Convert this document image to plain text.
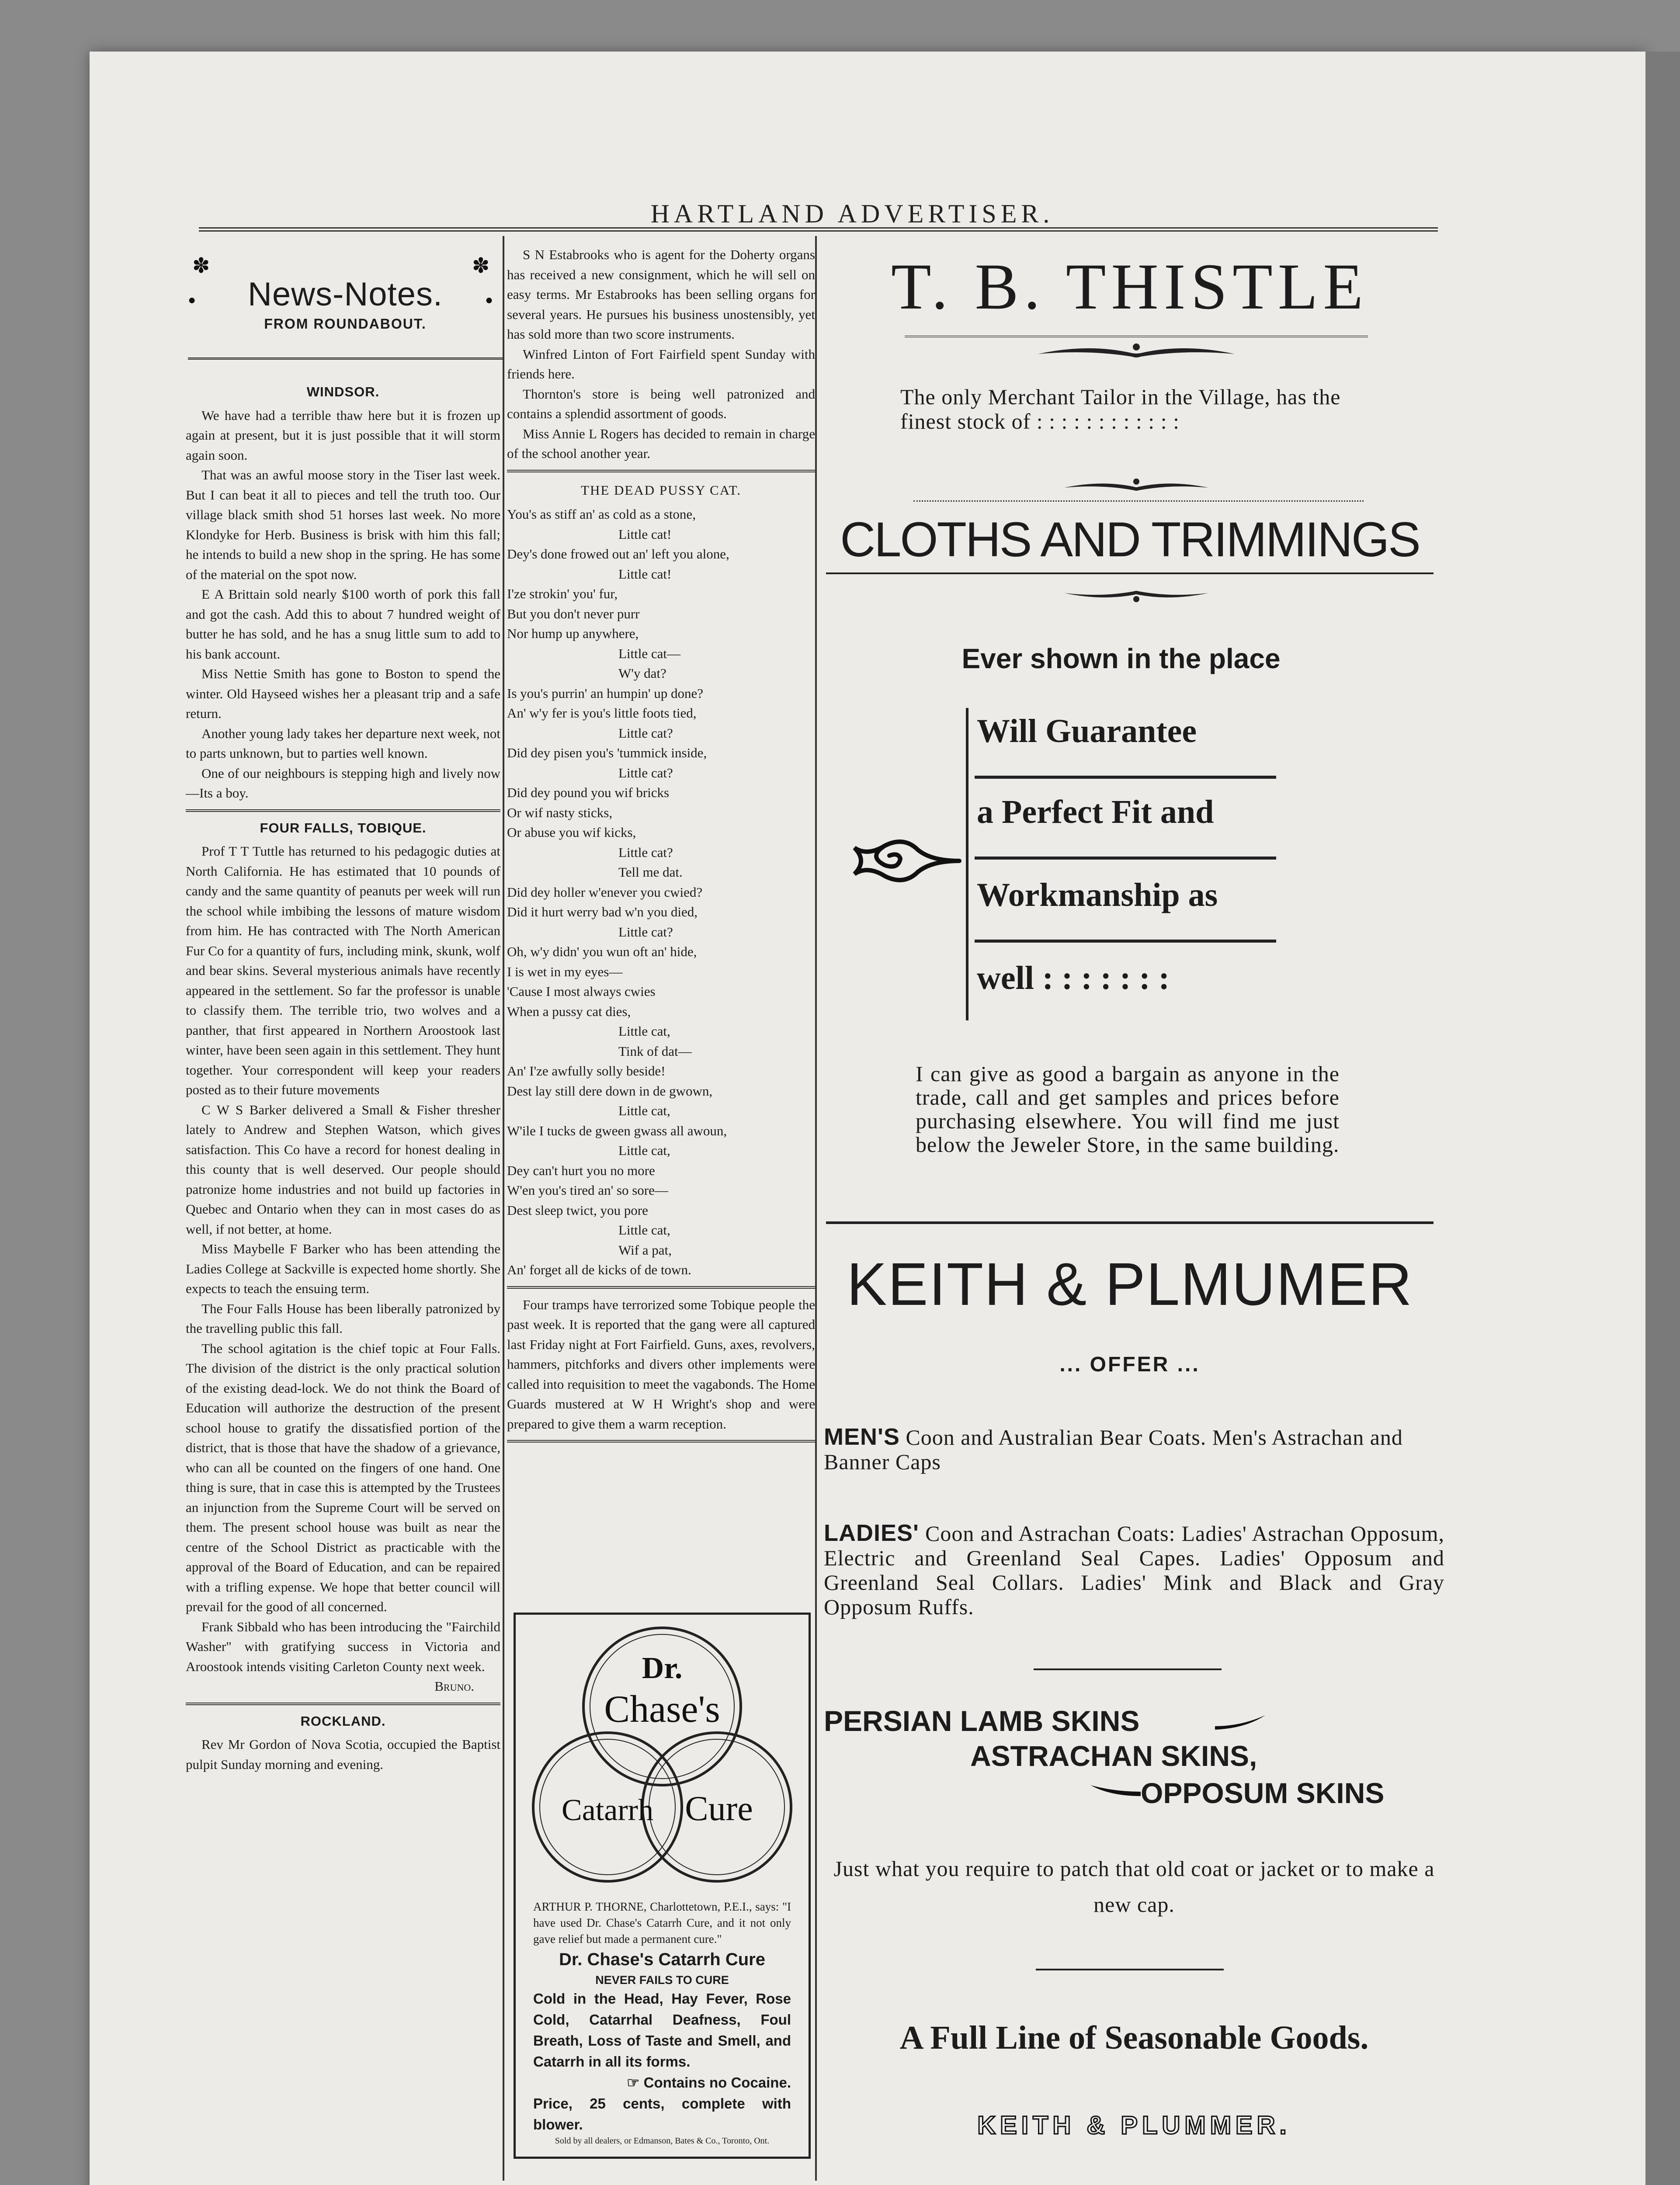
HARTLAND ADVERTISER.
✽	✽
●	●
News-Notes.
FROM ROUNDABOUT.
WINDSOR.

We have had a terrible thaw here but it is frozen up again at present, but it is just possible that it will storm again soon.

That was an awful moose story in the Tiser last week. But I can beat it all to pieces and tell the truth too. Our village black smith shod 51 horses last week. No more Klondyke for Herb. Business is brisk with him this fall; he intends to build a new shop in the spring. He has some of the material on the spot now.

E A Brittain sold nearly $100 worth of pork this fall and got the cash. Add this to about 7 hundred weight of butter he has sold, and he has a snug little sum to add to his bank account.

Miss Nettie Smith has gone to Boston to spend the winter. Old Hayseed wishes her a pleasant trip and a safe return.

Another young lady takes her departure next week, not to parts unknown, but to parties well known.

One of our neighbours is stepping high and lively now—Its a boy.

FOUR FALLS, TOBIQUE.

Prof T T Tuttle has returned to his pedagogic duties at North California. He has estimated that 10 pounds of candy and the same quantity of peanuts per week will run the school while imbibing the lessons of mature wisdom from him. He has contracted with The North American Fur Co for a quantity of furs, including mink, skunk, wolf and bear skins. Several mysterious animals have recently appeared in the settlement. So far the professor is unable to classify them. The terrible trio, two wolves and a panther, that first appeared in Northern Aroostook last winter, have been seen again in this settlement. They hunt together. Your correspondent will keep your readers posted as to their future movements

C W S Barker delivered a Small & Fisher thresher lately to Andrew and Stephen Watson, which gives satisfaction. This Co have a record for honest dealing in this county that is well deserved. Our people should patronize home industries and not build up factories in Quebec and Ontario when they can in most cases do as well, if not better, at home.

Miss Maybelle F Barker who has been attending the Ladies College at Sackville is expected home shortly. She expects to teach the ensuing term.

The Four Falls House has been liberally patronized by the travelling public this fall.

The school agitation is the chief topic at Four Falls. The division of the district is the only practical solution of the existing dead-lock. We do not think the Board of Education will authorize the destruction of the present school house to gratify the dissatisfied portion of the district, that is those that have the shadow of a grievance, who can all be counted on the fingers of one hand. One thing is sure, that in case this is attempted by the Trustees an injunction from the Supreme Court will be served on them. The present school house was built as near the centre of the School District as practicable with the approval of the Board of Education, and can be repaired with a trifling expense. We hope that better council will prevail for the good of all concerned.

Frank Sibbald who has been introducing the "Fairchild Washer" with gratifying success in Victoria and Aroostook intends visiting Carleton County next week.

Bruno.

ROCKLAND.

Rev Mr Gordon of Nova Scotia, occupied the Baptist pulpit Sunday morning and evening.

S N Estabrooks who is agent for the Doherty organs has received a new consignment, which he will sell on easy terms. Mr Estabrooks has been selling organs for several years. He pursues his business unostensibly, yet has sold more than two score instruments.

Winfred Linton of Fort Fairfield spent Sunday with friends here.

Thornton's store is being well patronized and contains a splendid assortment of goods.

Miss Annie L Rogers has decided to remain in charge of the school another year.

THE DEAD PUSSY CAT.
You's as stiff an' as cold as a stone,
Little cat!
Dey's done frowed out an' left you alone,
Little cat!
I'ze strokin' you' fur,
But you don't never purr
Nor hump up anywhere,
Little cat—
W'y dat?
Is you's purrin' an humpin' up done?
An' w'y fer is you's little foots tied,
Little cat?
Did dey pisen you's 'tummick inside,
Little cat?
Did dey pound you wif bricks
Or wif nasty sticks,
Or abuse you wif kicks,
Little cat?
Tell me dat.
Did dey holler w'enever you cwied?
Did it hurt werry bad w'n you died,
Little cat?
Oh, w'y didn' you wun oft an' hide,
I is wet in my eyes—
'Cause I most always cwies
When a pussy cat dies,
Little cat,
Tink of dat—
An' I'ze awfully solly beside!
Dest lay still dere down in de gwown,
Little cat,
W'ile I tucks de gween gwass all awoun,
Little cat,
Dey can't hurt you no more
W'en you's tired an' so sore—
Dest sleep twict, you pore
Little cat,
Wif a pat,
An' forget all de kicks of de town.

Four tramps have terrorized some Tobique people the past week. It is reported that the gang were all captured last Friday night at Fort Fairfield. Guns, axes, revolvers, hammers, pitchforks and divers other implements were called into requisition to meet the vagabonds. The Home Guards mustered at W H Wright's shop and were prepared to give them a warm reception.

Dr.
Chase's
Catarrh Cure
ARTHUR P. THORNE, Charlottetown, P.E.I., says: "I have used Dr. Chase's Catarrh Cure, and it not only gave relief but made a permanent cure."
Dr. Chase's Catarrh Cure
NEVER FAILS TO CURE
Cold in the Head, Hay Fever, Rose Cold, Catarrhal Deafness, Foul Breath, Loss of Taste and Smell, and Catarrh in all its forms.
☞ Contains no Cocaine.
Price, 25 cents, complete with blower.
Sold by all dealers, or Edmanson, Bates & Co., Toronto, Ont.
T. B. THISTLE
The only Merchant Tailor in the Village, has the finest stock of : : : : : : : : : : : :
CLOTHS AND TRIMMINGS
Ever shown in the place
Will Guarantee
a Perfect Fit and
Workmanship as
well : : : : : : :
I can give as good a bargain as anyone in the trade, call and get samples and prices before purchasing elsewhere. You will find me just below the Jeweler Store, in the same building.
KEITH & PLMUMER
... OFFER ...
MEN'S Coon and Australian Bear Coats. Men's Astrachan and Banner Caps
LADIES' Coon and Astrachan Coats: Ladies' Astrachan Opposum, Electric and Greenland Seal Capes. Ladies' Opposum and Greenland Seal Collars. Ladies' Mink and Black and Gray Opposum Ruffs.
PERSIAN LAMB SKINS
ASTRACHAN SKINS,
OPPOSUM SKINS
Just what you require to patch that old coat or jacket or to make a new cap.
A Full Line of Seasonable Goods.
KEITH & PLUMMER.
